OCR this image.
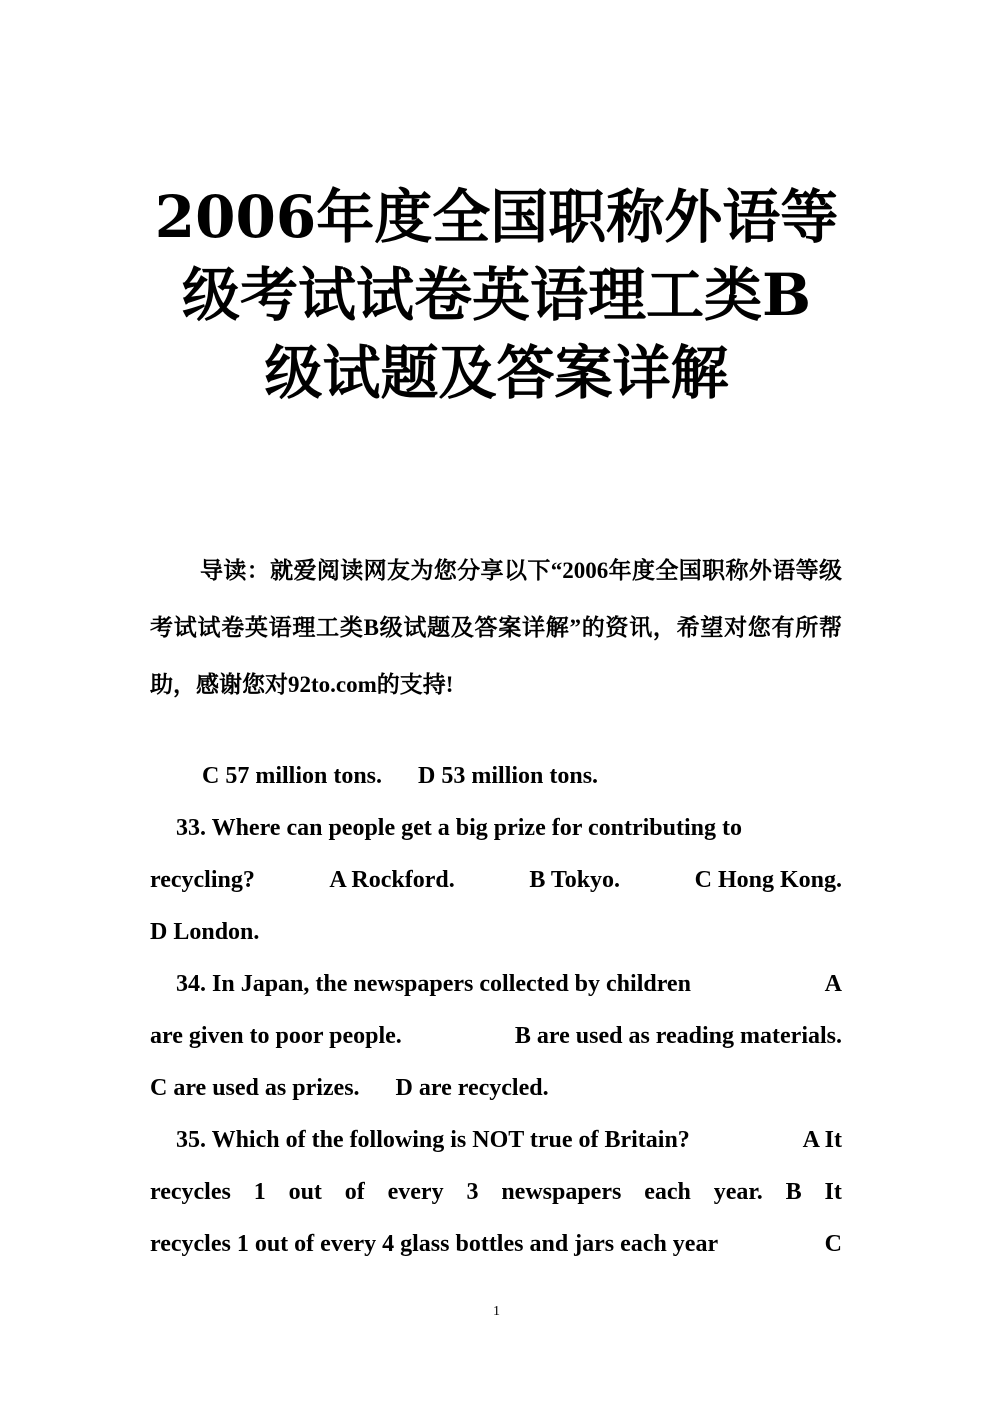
2006年度全国职称外语等
级考试试卷英语理工类B
级试题及答案详解

导读：就爱阅读网友为您分享以下“2006年度全国职称外语等级考试试卷英语理工类B级试题及答案详解”的资讯，希望对您有所帮助，感谢您对92to.com的支持!

C 57 million tons. D 53 million tons.
33. Where can people get a big prize for contributing to
recycling?	A Rockford.	B Tokyo.	C Hong Kong.
D London.
34. In Japan, the newspapers collected by children	A
are given to poor people.	B are used as reading materials.
C are used as prizes. D are recycled.
35. Which of the following is NOT true of Britain?	A It
recycles 1 out of every 3 newspapers each year. B It
recycles 1 out of every 4 glass bottles and jars each year	C
1
